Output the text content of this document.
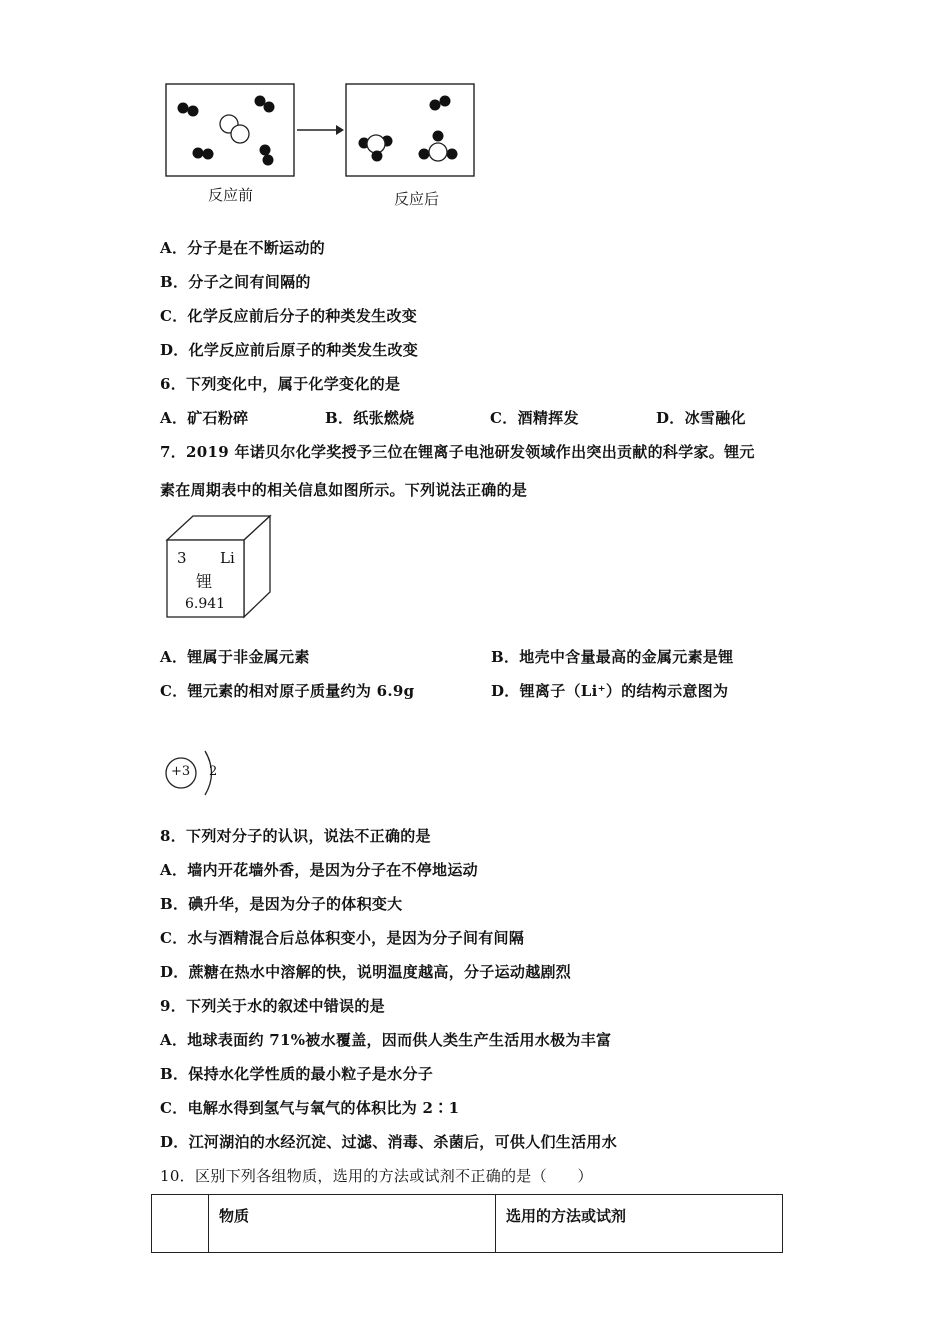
反应前	反应后
A．分子是在不断运动的
B．分子之间有间隔的
C．化学反应前后分子的种类发生改变
D．化学反应前后原子的种类发生改变
6．下列变化中，属于化学变化的是
A．矿石粉碎	B．纸张燃烧	C．酒精挥发	D．冰雪融化
7．2019 年诺贝尔化学奖授予三位在锂离子电池研发领域作出突出贡献的科学家。锂元
素在周期表中的相关信息如图所示。下列说法正确的是
3 Li
锂
6.941
A．锂属于非金属元素	B．地壳中含量最高的金属元素是锂
C．锂元素的相对原子质量约为 6.9g	D．锂离子（Li⁺）的结构示意图为
+3 2
8．下列对分子的认识，说法不正确的是
A．墙内开花墙外香，是因为分子在不停地运动
B．碘升华，是因为分子的体积变大
C．水与酒精混合后总体积变小，是因为分子间有间隔
D．蔗糖在热水中溶解的快，说明温度越高，分子运动越剧烈
9．下列关于水的叙述中错误的是
A．地球表面约 71%被水覆盖，因而供人类生产生活用水极为丰富
B．保持水化学性质的最小粒子是水分子
C．电解水得到氢气与氧气的体积比为 2∶1
D．江河湖泊的水经沉淀、过滤、消毒、杀菌后，可供人们生活用水
10．区别下列各组物质，选用的方法或试剂不正确的是（　　）
	物质	选用的方法或试剂
